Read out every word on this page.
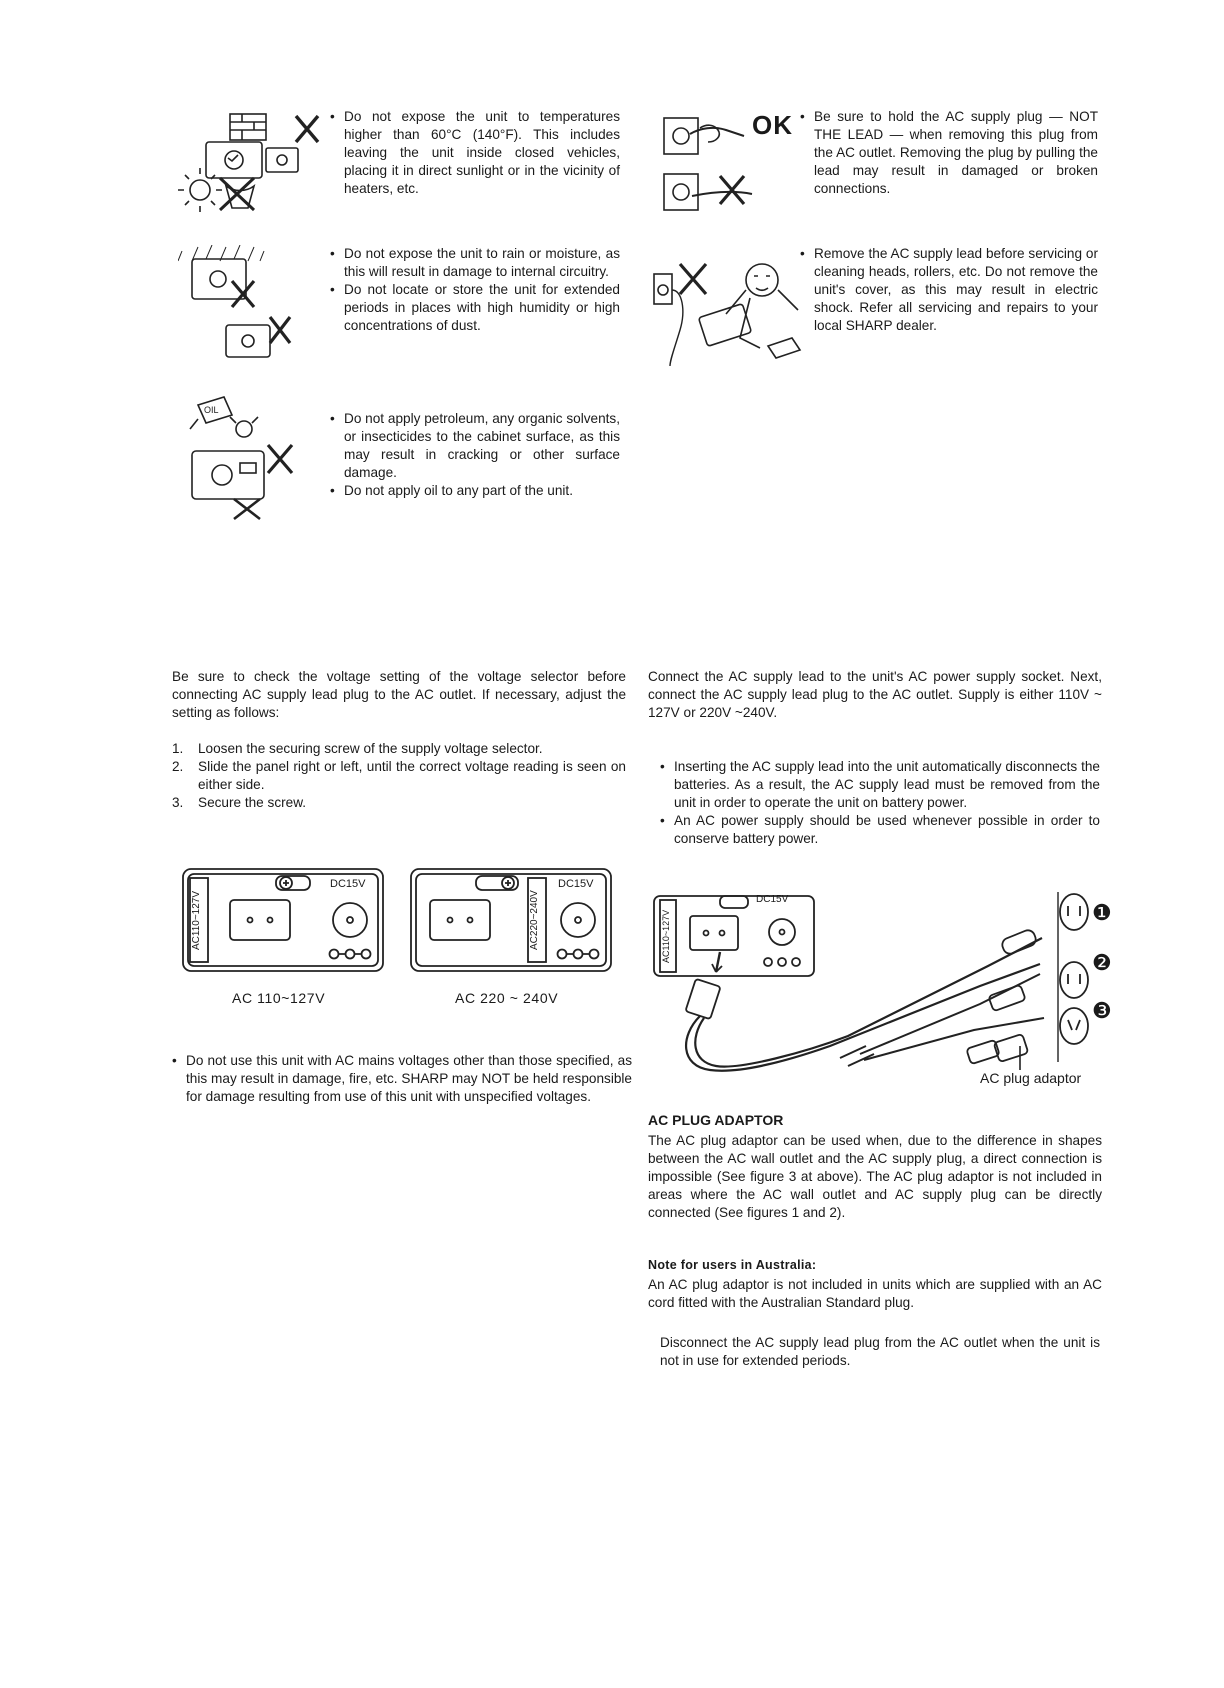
OIL
• Do not expose the unit to temperatures higher than 60°C (140°F). This includes leaving the unit inside closed vehicles, placing it in direct sunlight or in the vicinity of heaters, etc.
• Do not expose the unit to rain or moisture, as this will result in damage to internal circuitry.
• Do not locate or store the unit for extended periods in places with high humidity or high concentrations of dust.
• Do not apply petroleum, any organic solvents, or insecticides to the cabinet surface, as this may result in cracking or other surface damage.
• Do not apply oil to any part of the unit.
OK
•	Be sure to hold the AC supply plug — NOT THE LEAD — when removing this plug from the AC outlet. Removing the plug by pulling the lead may result in damaged or broken connections.
• Remove the AC supply lead before servicing or cleaning heads, rollers, etc. Do not remove the unit's cover, as this may result in electric shock. Refer all servicing and repairs to your local SHARP dealer.
Be sure to check the voltage setting of the voltage selector before connecting AC supply lead plug to the AC outlet. If necessary, adjust the setting as follows:
1.	Loosen the securing screw of the supply voltage selector.
2.	Slide the panel right or left, until the correct voltage reading is seen on either side.
3.	Secure the screw.
AC110~127V
DC15V
AC 110~127V
AC220~240V
DC15V
AC 220 ~ 240V
• Do not use this unit with AC mains voltages other than those specified, as this may result in damage, fire, etc. SHARP may NOT be held responsible for damage resulting from use of this unit with unspecified voltages.
Connect the AC supply lead to the unit's AC power supply socket. Next, connect the AC supply lead plug to the AC outlet. Supply is either 110V ~ 127V or 220V ~240V.
• Inserting the AC supply lead into the unit automatically disconnects the batteries. As a result, the AC supply lead must be removed from the unit in order to operate the unit on battery power.
• An AC power supply should be used whenever possible in order to conserve battery power.
AC110~127V
DC15V
❶
❷
❸
AC plug adaptor
AC PLUG ADAPTOR
The AC plug adaptor can be used when, due to the difference in shapes between the AC wall outlet and the AC supply plug, a direct connection is impossible (See figure 3 at above). The AC plug adaptor is not included in areas where the AC wall outlet and AC supply plug can be directly connected (See figures 1 and 2).
Note for users in Australia:
An AC plug adaptor is not included in units which are supplied with an AC cord fitted with the Australian Standard plug.
Disconnect the AC supply lead plug from the AC outlet when the unit is not in use for extended periods.
